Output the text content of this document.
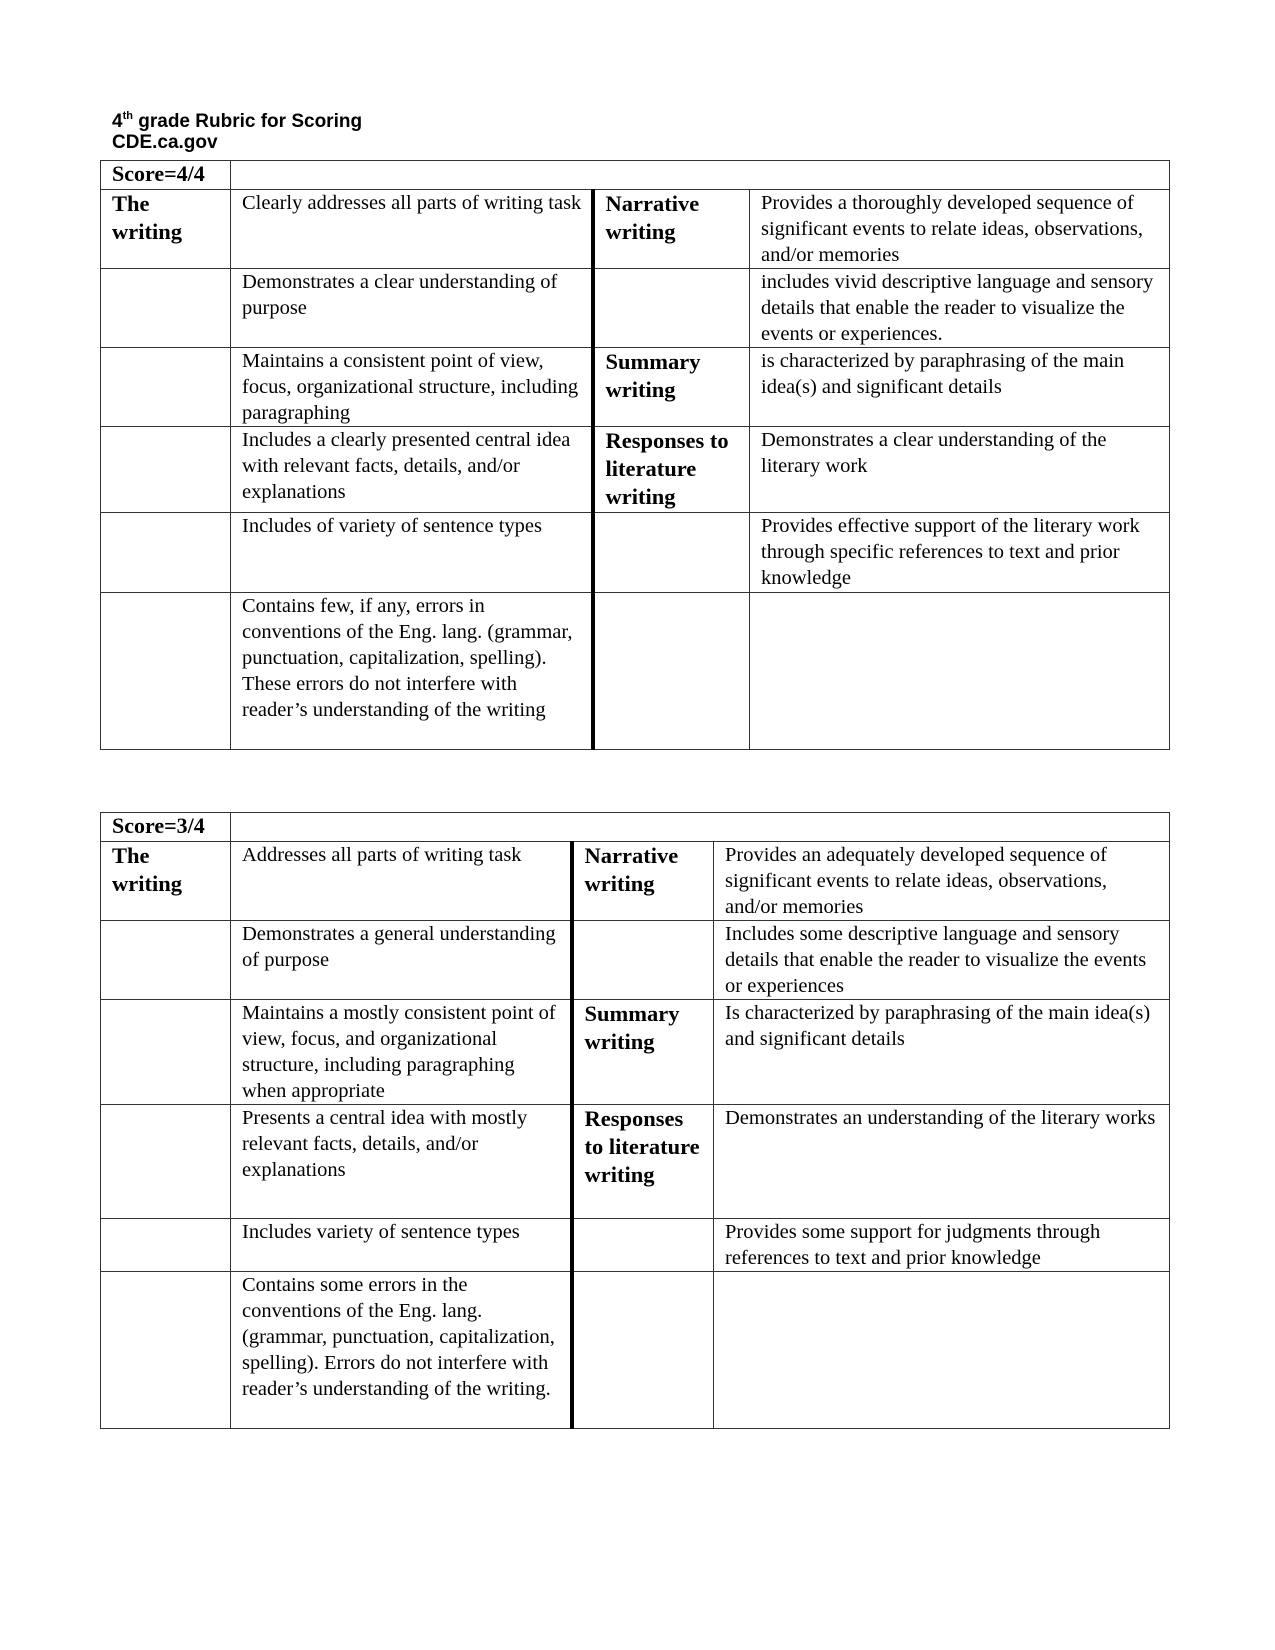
4th grade Rubric for Scoring
CDE.ca.gov
Score=4/4			
The writing	Clearly addresses all parts of writing task	Narrative writing	Provides a thoroughly developed sequence of significant events to relate ideas, observations, and/or memories
	Demonstrates a clear understanding of purpose		includes vivid descriptive language and sensory details that enable the reader to visualize the events or experiences.
	Maintains a consistent point of view, focus, organizational structure, including paragraphing	Summary writing	is characterized by paraphrasing of the main idea(s) and significant details
	Includes a clearly presented central idea with relevant facts, details, and/or explanations	Responses to literature writing	Demonstrates a clear understanding of the literary work
	Includes of variety of sentence types		Provides effective support of the literary work through specific references to text and prior knowledge
	Contains few, if any, errors in conventions of the Eng. lang. (grammar, punctuation, capitalization, spelling). These errors do not interfere with reader’s understanding of the writing		
Score=3/4			
The writing	Addresses all parts of writing task	Narrative writing	Provides an adequately developed sequence of significant events to relate ideas, observations, and/or memories
	Demonstrates a general understanding of purpose		Includes some descriptive language and sensory details that enable the reader to visualize the events or experiences
	Maintains a mostly consistent point of view, focus, and organizational structure, including paragraphing when appropriate	Summary writing	Is characterized by paraphrasing of the main idea(s) and significant details
	Presents a central idea with mostly relevant facts, details, and/or explanations	Responses to literature writing	Demonstrates an understanding of the literary works
	Includes variety of sentence types		Provides some support for judgments through references to text and prior knowledge
	Contains some errors in the conventions of the Eng. lang. (grammar, punctuation, capitalization, spelling). Errors do not interfere with reader’s understanding of the writing.		
